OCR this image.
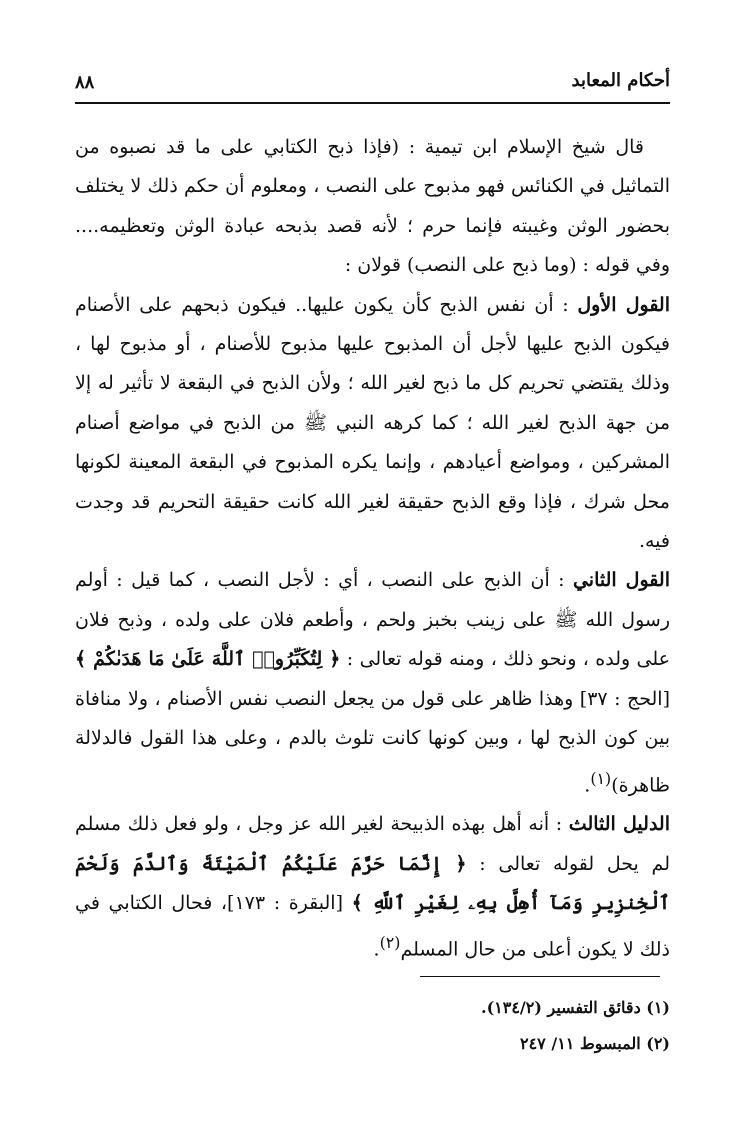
أحكام المعابد
٨٨

قال شيخ الإسلام ابن تيمية : (فإذا ذبح الكتابي على ما قد نصبوه من التماثيل في الكنائس فهو مذبوح على النصب ، ومعلوم أن حكم ذلك لا يختلف بحضور الوثن وغيبته فإنما حرم ؛ لأنه قصد بذبحه عبادة الوثن وتعظيمه.... وفي قوله : (وما ذبح على النصب) قولان :

القول الأول : أن نفس الذبح كأن يكون عليها.. فيكون ذبحهم على الأصنام فيكون الذبح عليها لأجل أن المذبوح عليها مذبوح للأصنام ، أو مذبوح لها ، وذلك يقتضي تحريم كل ما ذبح لغير الله ؛ ولأن الذبح في البقعة لا تأثير له إلا من جهة الذبح لغير الله ؛ كما كرهه النبي ﷺ من الذبح في مواضع أصنام المشركين ، ومواضع أعيادهم ، وإنما يكره المذبوح في البقعة المعينة لكونها محل شرك ، فإذا وقع الذبح حقيقة لغير الله كانت حقيقة التحريم قد وجدت فيه.

القول الثاني : أن الذبح على النصب ، أي : لأجل النصب ، كما قيل : أولم رسول الله ﷺ على زينب بخبز ولحم ، وأطعم فلان على ولده ، وذبح فلان على ولده ، ونحو ذلك ، ومنه قوله تعالى : ﴿ لِتُكَبِّرُوا۟ ٱللَّهَ عَلَىٰ مَا هَدَىٰكُمْ ﴾ [الحج : ٣٧] وهذا ظاهر على قول من يجعل النصب نفس الأصنام ، ولا منافاة بين كون الذبح لها ، وبين كونها كانت تلوث بالدم ، وعلى هذا القول فالدلالة ظاهرة)$^{(١)}$.

الدليل الثالث : أنه أهل بهذه الذبيحة لغير الله عز وجل ، ولو فعل ذلك مسلم لم يحل لقوله تعالى : ﴿ إِنَّمَا حَرَّمَ عَلَيْكُمُ ٱلْمَيْتَةَ وَٱلدَّمَ وَلَحْمَ ٱلْخِنزِيرِ وَمَآ أُهِلَّ بِهِۦ لِغَيْرِ ٱللَّهِ ﴾ [البقرة : ١٧٣]، فحال الكتابي في ذلك لا يكون أعلى من حال المسلم$^{(٢)}$.

(١) دقائق التفسير (١٣٤/٢).
(٢) المبسوط ١١/ ٢٤٧
